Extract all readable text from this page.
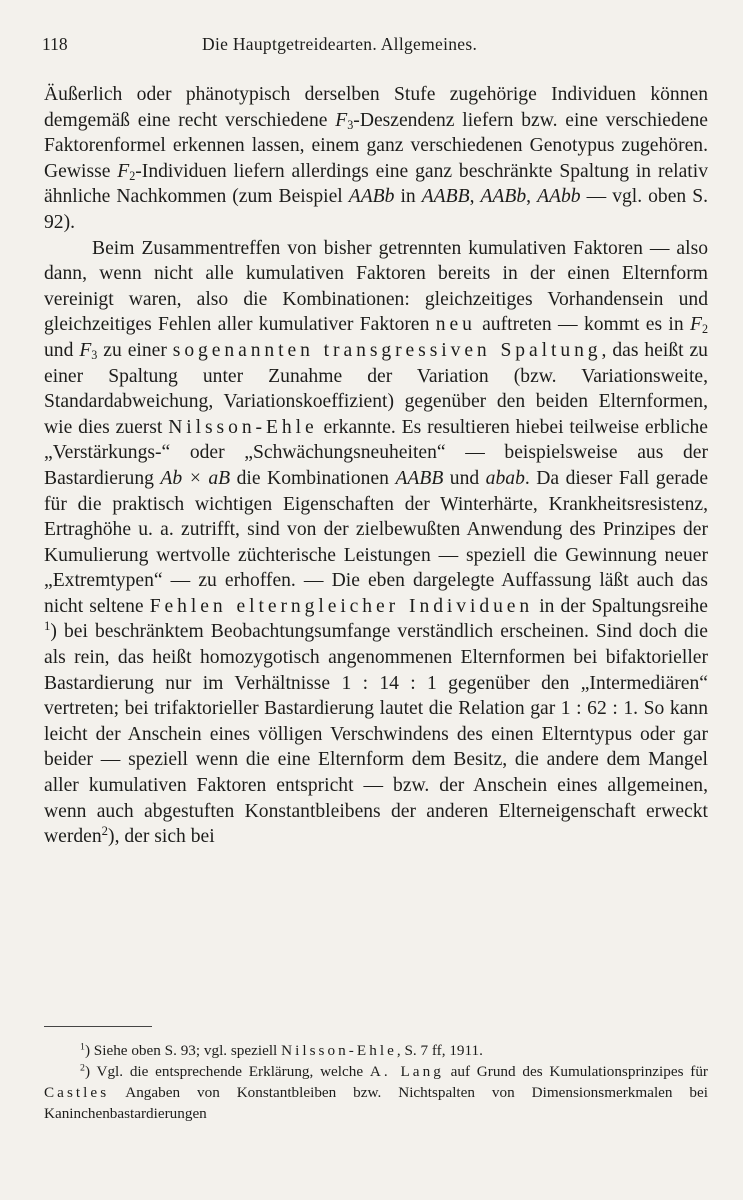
118	Die Hauptgetreidearten. Allgemeines.

Äußerlich oder phänotypisch derselben Stufe zugehörige Individuen können demgemäß eine recht verschiedene $F_3$-Deszendenz liefern bzw. eine verschiedene Faktorenformel erkennen lassen, einem ganz verschiedenen Genotypus zugehören. Gewisse $F_2$-Individuen liefern allerdings eine ganz beschränkte Spaltung in relativ ähnliche Nachkommen (zum Beispiel AABb in AABB, AABb, AAbb — vgl. oben S. 92).

Beim Zusammentreffen von bisher getrennten kumulativen Faktoren — also dann, wenn nicht alle kumulativen Faktoren bereits in der einen Elternform vereinigt waren, also die Kombinationen: gleichzeitiges Vorhandensein und gleichzeitiges Fehlen aller kumulativer Faktoren neu auftreten — kommt es in $F_2$ und $F_3$ zu einer sogenannten transgressiven Spaltung, das heißt zu einer Spaltung unter Zunahme der Variation (bzw. Variationsweite, Standardabweichung, Variationskoeffizient) gegenüber den beiden Elternformen, wie dies zuerst Nilsson-Ehle erkannte. Es resultieren hiebei teilweise erbliche „Verstärkungs-“ oder „Schwächungsneuheiten“ — beispielsweise aus der Bastardierung Ab × aB die Kombinationen AABB und abab. Da dieser Fall gerade für die praktisch wichtigen Eigenschaften der Winterhärte, Krankheitsresistenz, Ertraghöhe u. a. zutrifft, sind von der zielbewußten Anwendung des Prinzipes der Kumulierung wertvolle züchterische Leistungen — speziell die Gewinnung neuer „Extremtypen“ — zu erhoffen. — Die eben dargelegte Auffassung läßt auch das nicht seltene Fehlen elterngleicher Individuen in der Spaltungsreihe $^1$) bei beschränktem Beobachtungsumfange verständlich erscheinen. Sind doch die als rein, das heißt homozygotisch angenommenen Elternformen bei bifaktorieller Bastardierung nur im Verhältnisse 1 : 14 : 1 gegenüber den „Intermediären“ vertreten; bei trifaktorieller Bastardierung lautet die Relation gar 1 : 62 : 1. So kann leicht der Anschein eines völligen Verschwindens des einen Elterntypus oder gar beider — speziell wenn die eine Elternform dem Besitz, die andere dem Mangel aller kumulativen Faktoren entspricht — bzw. der Anschein eines allgemeinen, wenn auch abgestuften Konstantbleibens der anderen Elterneigenschaft erweckt werden$^2$), der sich bei

$^1$) Siehe oben S. 93; vgl. speziell Nilsson-Ehle, S. 7 ff, 1911.

$^2$) Vgl. die entsprechende Erklärung, welche A. Lang auf Grund des Kumulationsprinzipes für Castles Angaben von Konstantbleiben bzw. Nichtspalten von Dimensionsmerkmalen bei Kaninchenbastardierungen
